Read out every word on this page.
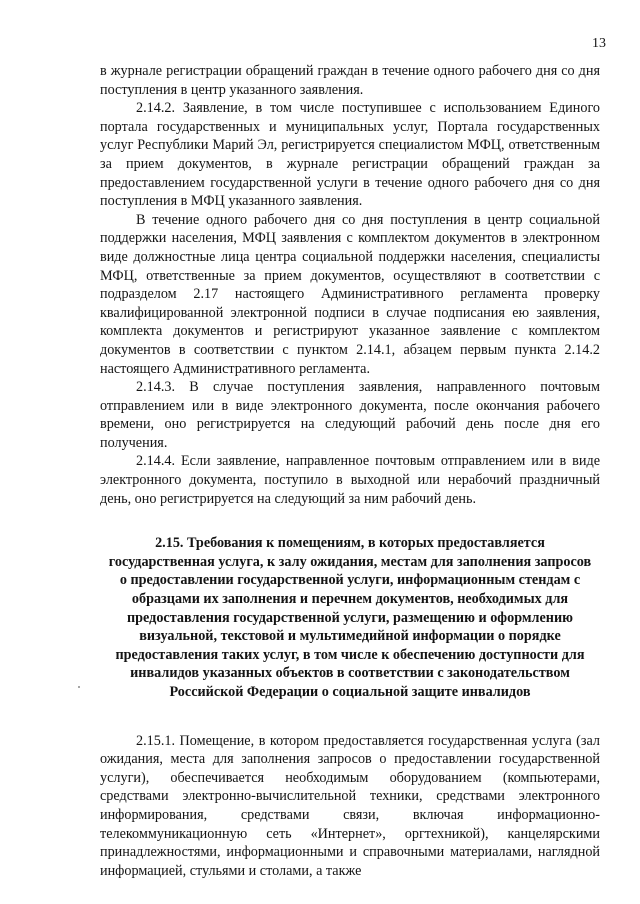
13

в журнале регистрации обращений граждан в течение одного рабочего дня со дня поступления в центр указанного заявления.

2.14.2. Заявление, в том числе поступившее с использованием Единого портала государственных и муниципальных услуг, Портала государственных услуг Республики Марий Эл, регистрируется специалистом МФЦ, ответственным за прием документов, в журнале регистрации обращений граждан за предоставлением государственной услуги в течение одного рабочего дня со дня поступления в МФЦ указанного заявления.

В течение одного рабочего дня со дня поступления в центр социальной поддержки населения, МФЦ заявления с комплектом документов в электронном виде должностные лица центра социальной поддержки населения, специалисты МФЦ, ответственные за прием документов, осуществляют в соответствии с подразделом 2.17 настоящего Административного регламента проверку квалифицированной электронной подписи в случае подписания ею заявления, комплекта документов и регистрируют указанное заявление с комплектом документов в соответствии с пунктом 2.14.1, абзацем первым пункта 2.14.2 настоящего Административного регламента.

2.14.3. В случае поступления заявления, направленного почтовым отправлением или в виде электронного документа, после окончания рабочего времени, оно регистрируется на следующий рабочий день после дня его получения.

2.14.4. Если заявление, направленное почтовым отправлением или в виде электронного документа, поступило в выходной или нерабочий праздничный день, оно регистрируется на следующий за ним рабочий день.

2.15. Требования к помещениям, в которых предоставляется государственная услуга, к залу ожидания, местам для заполнения запросов о предоставлении государственной услуги, информационным стендам с образцами их заполнения и перечнем документов, необходимых для предоставления государственной услуги, размещению и оформлению визуальной, текстовой и мультимедийной информации о порядке предоставления таких услуг, в том числе к обеспечению доступности для инвалидов указанных объектов в соответствии с законодательством Российской Федерации о социальной защите инвалидов

2.15.1. Помещение, в котором предоставляется государственная услуга (зал ожидания, места для заполнения запросов о предоставлении государственной услуги), обеспечивается необходимым оборудованием (компьютерами, средствами электронно-вычислительной техники, средствами электронного информирования, средствами связи, включая информационно-телекоммуникационную сеть «Интернет», оргтехникой), канцелярскими принадлежностями, информационными и справочными материалами, наглядной информацией, стульями и столами, а также
